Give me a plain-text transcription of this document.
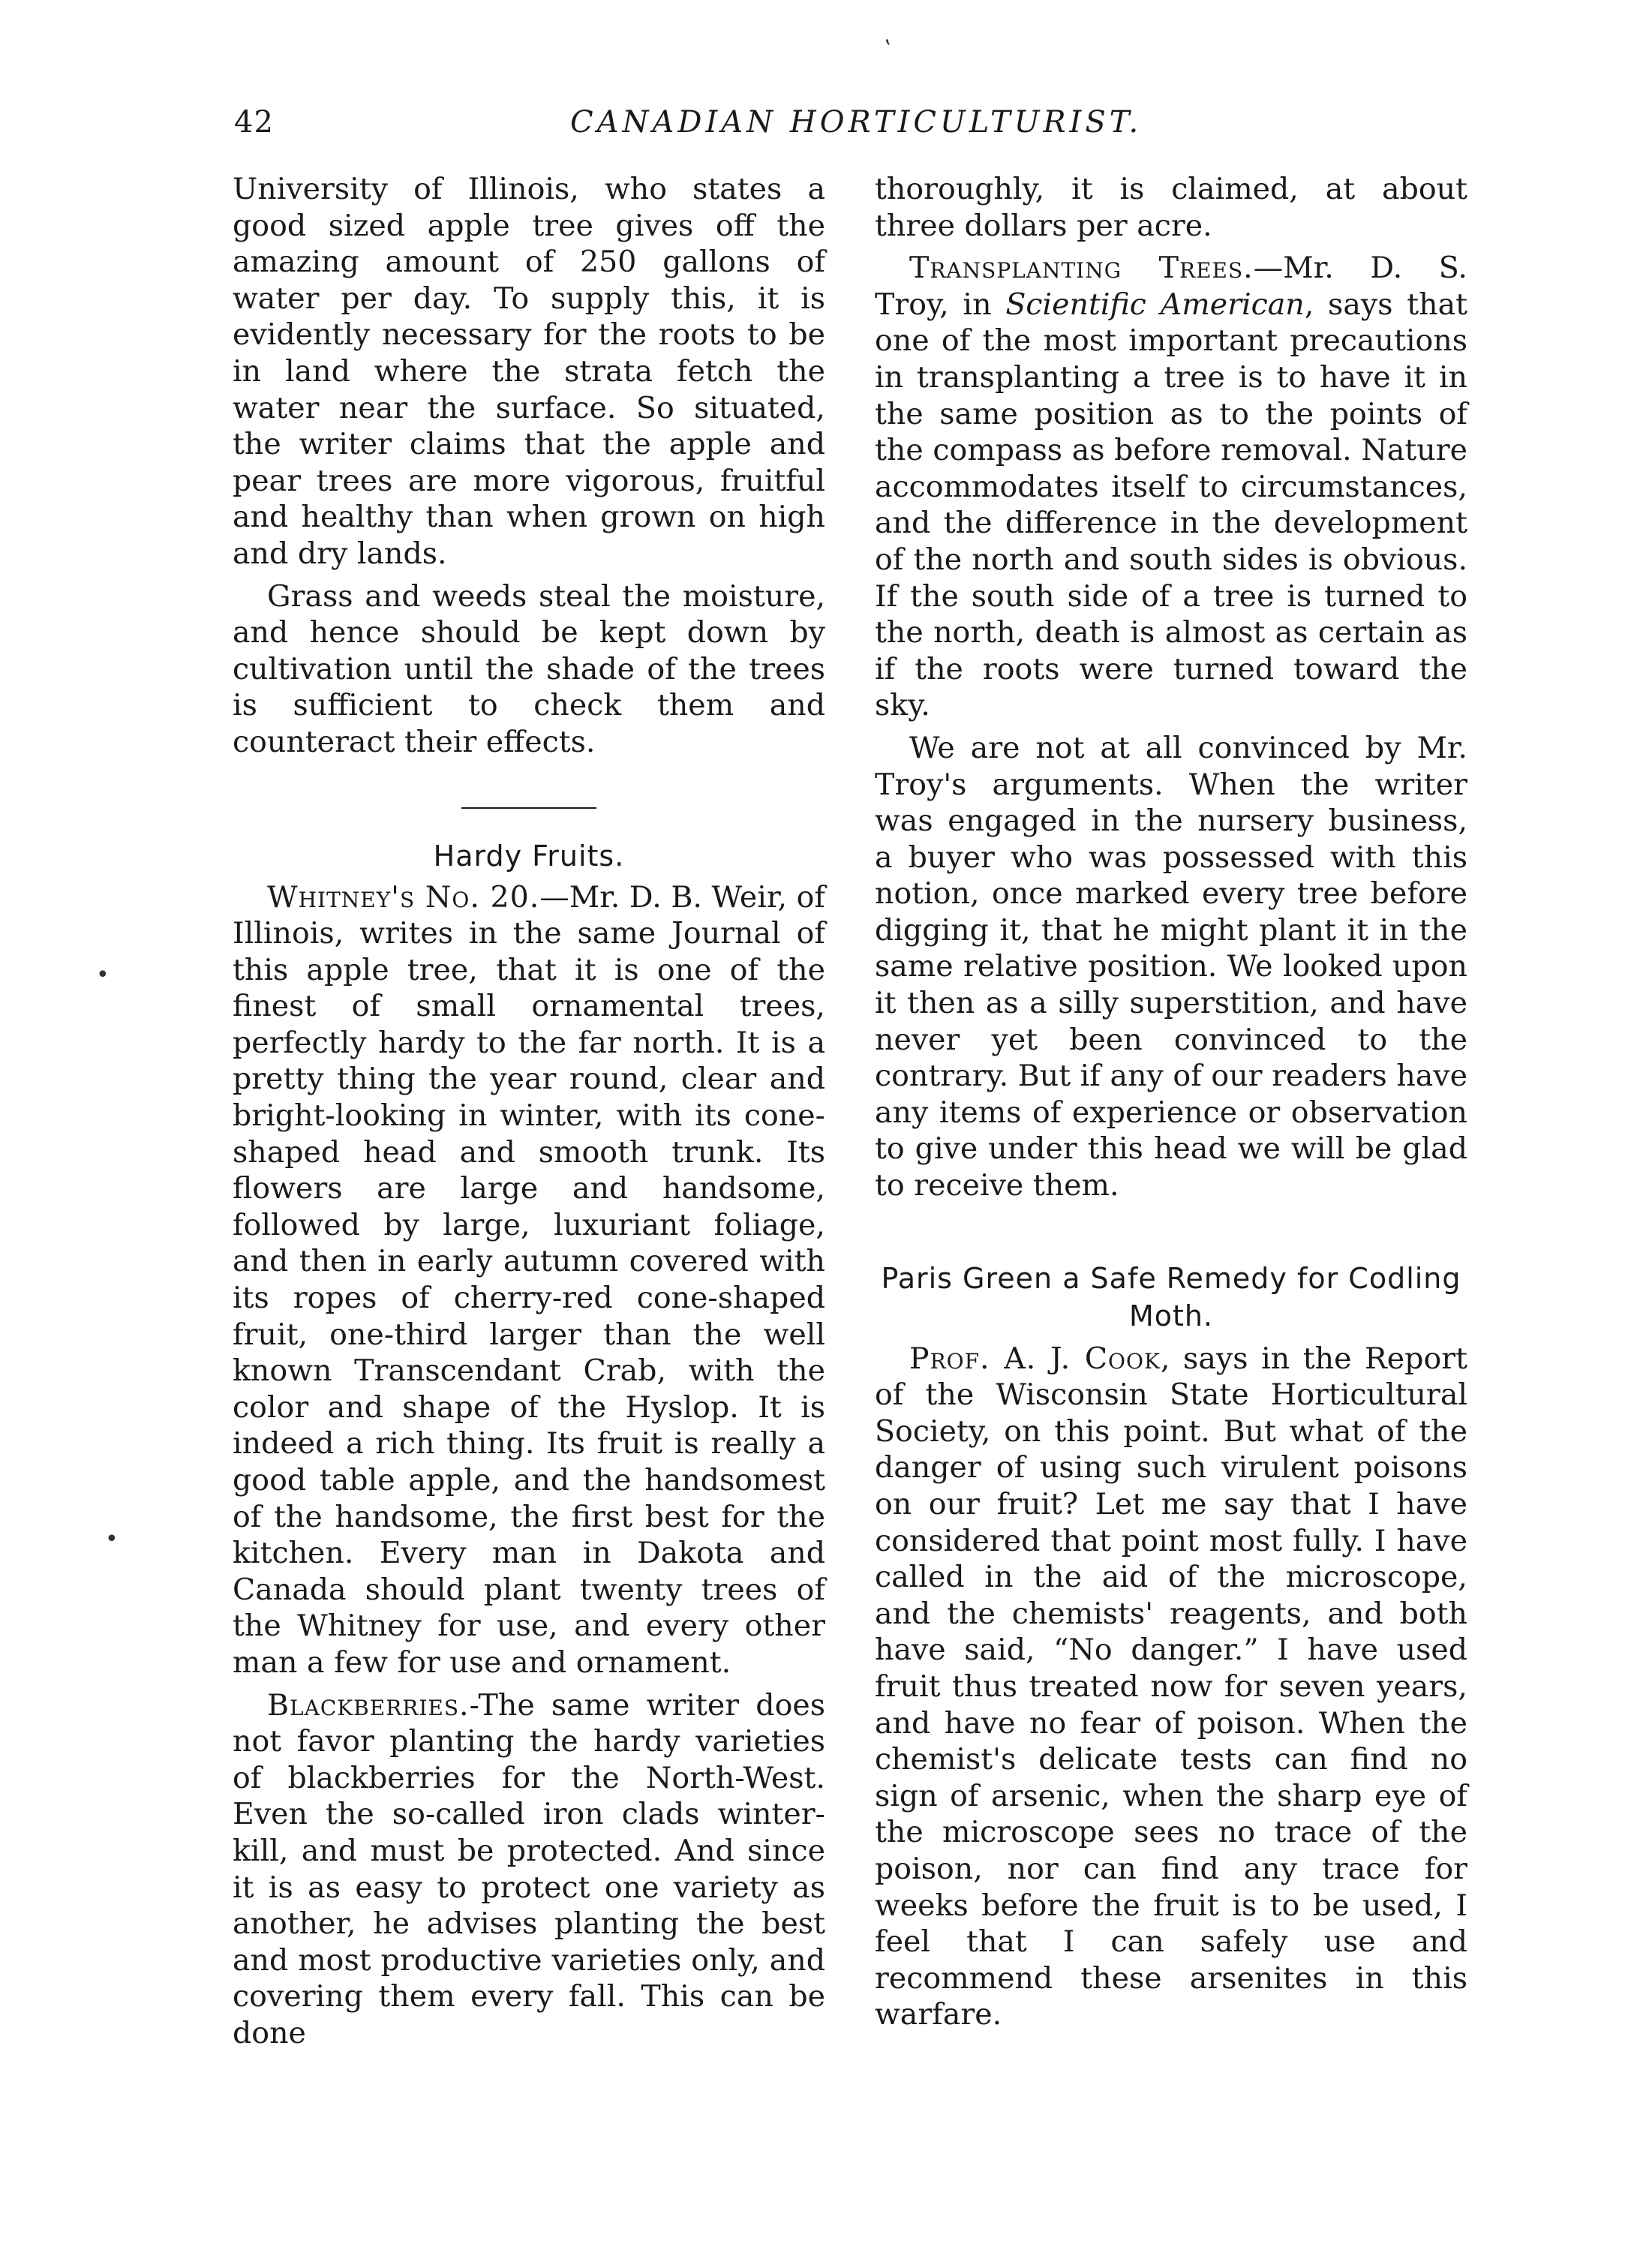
ʽ
•
•
42	CANADIAN HORTICULTURIST.

University of Illinois, who states a good sized apple tree gives off the amazing amount of 250 gallons of water per day. To supply this, it is evidently necessary for the roots to be in land where the strata fetch the water near the surface. So situated, the writer claims that the apple and pear trees are more vigorous, fruitful and healthy than when grown on high and dry lands.

Grass and weeds steal the moisture, and hence should be kept down by cultivation until the shade of the trees is sufficient to check them and counteract their effects.

Hardy Fruits.

Whitney's No. 20.—Mr. D. B. Weir, of Illinois, writes in the same Journal of this apple tree, that it is one of the finest of small ornamental trees, perfectly hardy to the far north. It is a pretty thing the year round, clear and bright-looking in winter, with its cone-shaped head and smooth trunk. Its flowers are large and handsome, followed by large, luxuriant foliage, and then in early autumn covered with its ropes of cherry-red cone-shaped fruit, one-third larger than the well known Transcendant Crab, with the color and shape of the Hyslop. It is indeed a rich thing. Its fruit is really a good table apple, and the handsomest of the handsome, the first best for the kitchen. Every man in Dakota and Canada should plant twenty trees of the Whitney for use, and every other man a few for use and ornament.

Blackberries.-The same writer does not favor planting the hardy varieties of blackberries for the North-West. Even the so-called iron clads winter-kill, and must be protected. And since it is as easy to protect one variety as another, he advises planting the best and most productive varieties only, and covering them every fall. This can be done

thoroughly, it is claimed, at about three dollars per acre.

Transplanting Trees.—Mr. D. S. Troy, in Scientific American, says that one of the most important precautions in transplanting a tree is to have it in the same position as to the points of the compass as before removal. Nature accommodates itself to circumstances, and the difference in the development of the north and south sides is obvious. If the south side of a tree is turned to the north, death is almost as certain as if the roots were turned toward the sky.

We are not at all convinced by Mr. Troy's arguments. When the writer was engaged in the nursery business, a buyer who was possessed with this notion, once marked every tree before digging it, that he might plant it in the same relative position. We looked upon it then as a silly superstition, and have never yet been convinced to the contrary. But if any of our readers have any items of experience or observation to give under this head we will be glad to receive them.

Paris Green a Safe Remedy for Codling Moth.

Prof. A. J. Cook, says in the Report of the Wisconsin State Horticultural Society, on this point. But what of the danger of using such virulent poisons on our fruit? Let me say that I have considered that point most fully. I have called in the aid of the microscope, and the chemists' reagents, and both have said, “No danger.” I have used fruit thus treated now for seven years, and have no fear of poison. When the chemist's delicate tests can find no sign of arsenic, when the sharp eye of the microscope sees no trace of the poison, nor can find any trace for weeks before the fruit is to be used, I feel that I can safely use and recommend these arsenites in this warfare.
